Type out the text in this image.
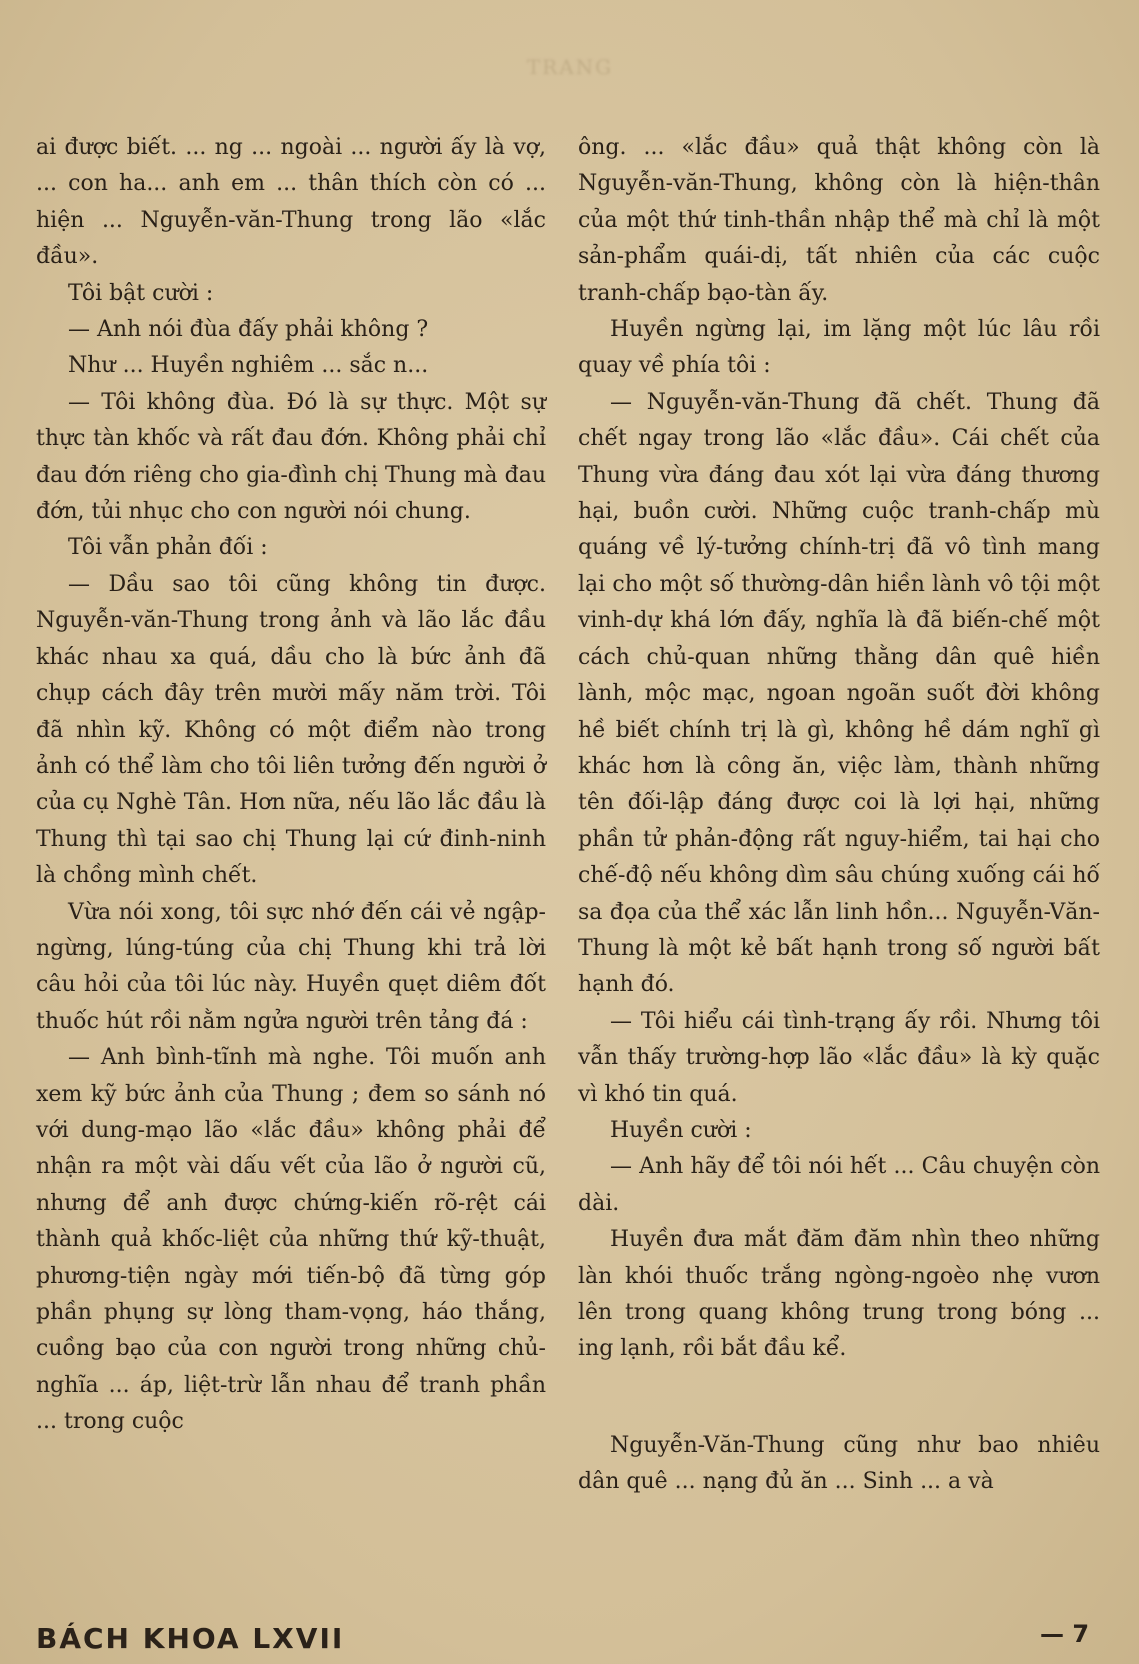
TRANG

ai được biết. ... ng ... ngoài ... người ấy là vợ, ... con ha... anh em ... thân thích còn có ... hiện ... Nguyễn-văn-Thung trong lão «lắc đầu».

Tôi bật cười :

— Anh nói đùa đấy phải không ?

Như ... Huyền nghiêm ... sắc n...

— Tôi không đùa. Đó là sự thực. Một sự thực tàn khốc và rất đau đớn. Không phải chỉ đau đớn riêng cho gia-đình chị Thung mà đau đớn, tủi nhục cho con người nói chung.

Tôi vẫn phản đối :

— Dầu sao tôi cũng không tin được. Nguyễn-văn-Thung trong ảnh và lão lắc đầu khác nhau xa quá, dầu cho là bức ảnh đã chụp cách đây trên mười mấy năm trời. Tôi đã nhìn kỹ. Không có một điểm nào trong ảnh có thể làm cho tôi liên tưởng đến người ở của cụ Nghè Tân. Hơn nữa, nếu lão lắc đầu là Thung thì tại sao chị Thung lại cứ đinh-ninh là chồng mình chết.

Vừa nói xong, tôi sực nhớ đến cái vẻ ngập-ngừng, lúng-túng của chị Thung khi trả lời câu hỏi của tôi lúc này. Huyền quẹt diêm đốt thuốc hút rồi nằm ngửa người trên tảng đá :

— Anh bình-tĩnh mà nghe. Tôi muốn anh xem kỹ bức ảnh của Thung ; đem so sánh nó với dung-mạo lão «lắc đầu» không phải để nhận ra một vài dấu vết của lão ở người cũ, nhưng để anh được chứng-kiến rõ-rệt cái thành quả khốc-liệt của những thứ kỹ-thuật, phương-tiện ngày mới tiến-bộ đã từng góp phần phụng sự lòng tham-vọng, háo thắng, cuồng bạo của con người trong những chủ-nghĩa ... áp, liệt-trừ lẫn nhau để tranh phần ... trong cuộc

ông. ... «lắc đầu» quả thật không còn là Nguyễn-văn-Thung, không còn là hiện-thân của một thứ tinh-thần nhập thể mà chỉ là một sản-phẩm quái-dị, tất nhiên của các cuộc tranh-chấp bạo-tàn ấy.

Huyền ngừng lại, im lặng một lúc lâu rồi quay về phía tôi :

— Nguyễn-văn-Thung đã chết. Thung đã chết ngay trong lão «lắc đầu». Cái chết của Thung vừa đáng đau xót lại vừa đáng thương hại, buồn cười. Những cuộc tranh-chấp mù quáng về lý-tưởng chính-trị đã vô tình mang lại cho một số thường-dân hiền lành vô tội một vinh-dự khá lớn đấy, nghĩa là đã biến-chế một cách chủ-quan những thằng dân quê hiền lành, mộc mạc, ngoan ngoãn suốt đời không hề biết chính trị là gì, không hề dám nghĩ gì khác hơn là công ăn, việc làm, thành những tên đối-lập đáng được coi là lợi hại, những phần tử phản-động rất nguy-hiểm, tai hại cho chế-độ nếu không dìm sâu chúng xuống cái hố sa đọa của thể xác lẫn linh hồn... Nguyễn-Văn-Thung là một kẻ bất hạnh trong số người bất hạnh đó.

— Tôi hiểu cái tình-trạng ấy rồi. Nhưng tôi vẫn thấy trường-hợp lão «lắc đầu» là kỳ quặc vì khó tin quá.

Huyền cười :

— Anh hãy để tôi nói hết ... Câu chuyện còn dài.

Huyền đưa mắt đăm đăm nhìn theo những làn khói thuốc trắng ngòng-ngoèo nhẹ vươn lên trong quang không trung trong bóng ... ing lạnh, rồi bắt đầu kể.

Nguyễn-Văn-Thung cũng như bao nhiêu dân quê ... nạng đủ ăn ... Sinh ... a và

BÁCH KHOA LXVII	— 7
